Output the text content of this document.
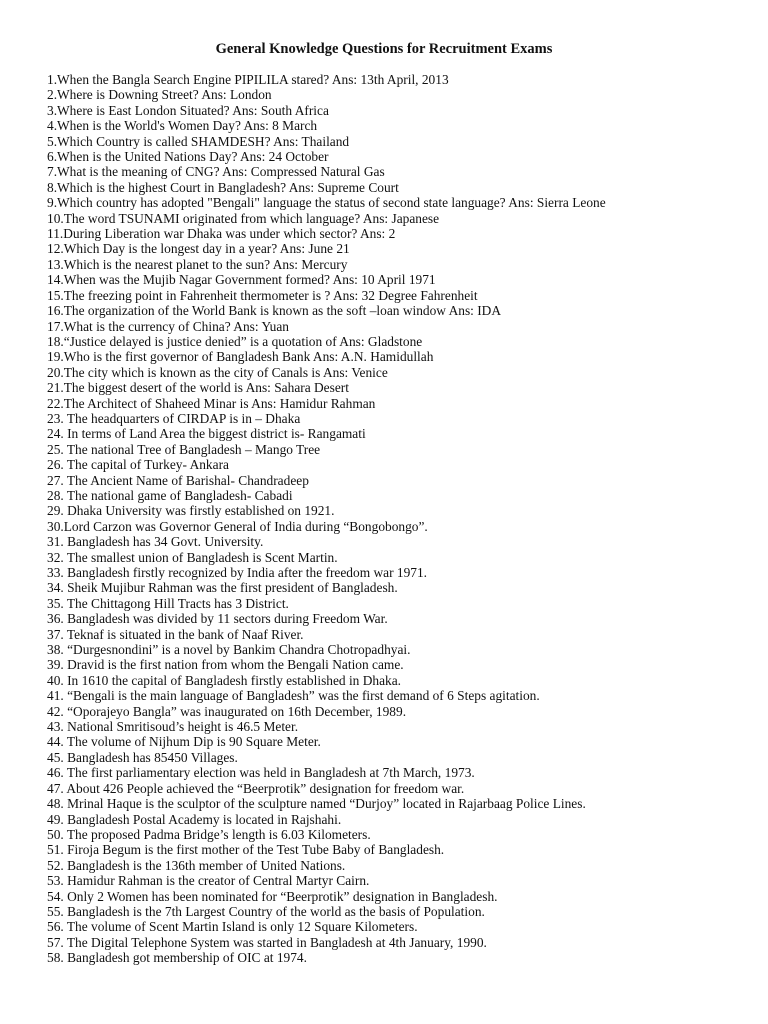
General Knowledge Questions for Recruitment Exams
1.When the Bangla Search Engine PIPILILA stared? Ans: 13th April, 2013
2.Where is Downing Street? Ans: London
3.Where is East London Situated? Ans: South Africa
4.When is the World's Women Day? Ans: 8 March
5.Which Country is called SHAMDESH? Ans: Thailand
6.When is the United Nations Day? Ans: 24 October
7.What is the meaning of CNG? Ans: Compressed Natural Gas
8.Which is the highest Court in Bangladesh? Ans: Supreme Court
9.Which country has adopted "Bengali" language the status of second state language? Ans: Sierra Leone
10.The word TSUNAMI originated from which language? Ans: Japanese
11.During Liberation war Dhaka was under which sector? Ans: 2
12.Which Day is the longest day in a year? Ans: June 21
13.Which is the nearest planet to the sun? Ans: Mercury
14.When was the Mujib Nagar Government formed? Ans: 10 April 1971
15.The freezing point in Fahrenheit thermometer is ? Ans: 32 Degree Fahrenheit
16.The organization of the World Bank is known as the soft –loan window Ans: IDA
17.What is the currency of China? Ans: Yuan
18.“Justice delayed is justice denied” is a quotation of Ans: Gladstone
19.Who is the first governor of Bangladesh Bank Ans: A.N. Hamidullah
20.The city which is known as the city of Canals is Ans: Venice
21.The biggest desert of the world is Ans: Sahara Desert
22.The Architect of Shaheed Minar is Ans: Hamidur Rahman
23. The headquarters of CIRDAP is in – Dhaka
24. In terms of Land Area the biggest district is- Rangamati
25. The national Tree of Bangladesh – Mango Tree
26. The capital of Turkey- Ankara
27. The Ancient Name of Barishal- Chandradeep
28. The national game of Bangladesh- Cabadi
29. Dhaka University was firstly established on 1921.
30.Lord Carzon was Governor General of India during “Bongobongo”.
31. Bangladesh has 34 Govt. University.
32. The smallest union of Bangladesh is Scent Martin.
33. Bangladesh firstly recognized by India after the freedom war 1971.
34. Sheik Mujibur Rahman was the first president of Bangladesh.
35. The Chittagong Hill Tracts has 3 District.
36. Bangladesh was divided by 11 sectors during Freedom War.
37. Teknaf is situated in the bank of Naaf River.
38. “Durgesnondini” is a novel by Bankim Chandra Chotropadhyai.
39. Dravid is the first nation from whom the Bengali Nation came.
40. In 1610 the capital of Bangladesh firstly established in Dhaka.
41. “Bengali is the main language of Bangladesh” was the first demand of 6 Steps agitation.
42. “Oporajeyo Bangla” was inaugurated on 16th December, 1989.
43. National Smritisoud’s height is 46.5 Meter.
44. The volume of Nijhum Dip is 90 Square Meter.
45. Bangladesh has 85450 Villages.
46. The first parliamentary election was held in Bangladesh at 7th March, 1973.
47. About 426 People achieved the “Beerprotik” designation for freedom war.
48. Mrinal Haque is the sculptor of the sculpture named “Durjoy” located in Rajarbaag Police Lines.
49. Bangladesh Postal Academy is located in Rajshahi.
50. The proposed Padma Bridge’s length is 6.03 Kilometers.
51. Firoja Begum is the first mother of the Test Tube Baby of Bangladesh.
52. Bangladesh is the 136th member of United Nations.
53. Hamidur Rahman is the creator of Central Martyr Cairn.
54. Only 2 Women has been nominated for “Beerprotik” designation in Bangladesh.
55. Bangladesh is the 7th Largest Country of the world as the basis of Population.
56. The volume of Scent Martin Island is only 12 Square Kilometers.
57. The Digital Telephone System was started in Bangladesh at 4th January, 1990.
58. Bangladesh got membership of OIC at 1974.
